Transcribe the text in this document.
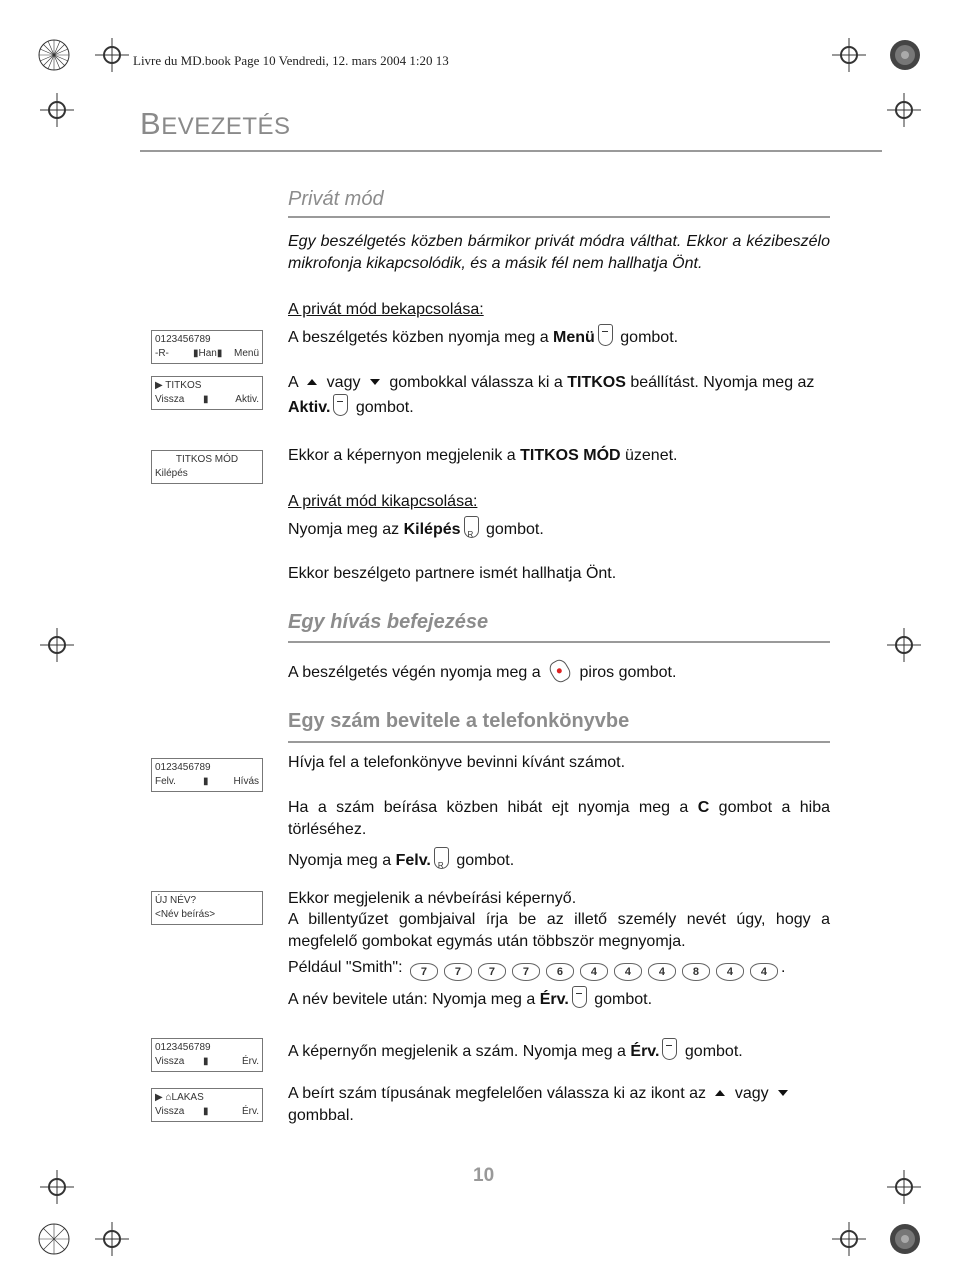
Livre du MD.book Page 10 Vendredi, 12. mars 2004 1:20 13
BEVEZETÉS
Privát mód
Egy beszélgetés közben bármikor privát módra válthat. Ekkor a kézibeszélo mikrofonja kikapcsolódik, és a másik fél nem hallhatja Önt.
A privát mód bekapcsolása:
A beszélgetés közben nyomja meg a Menü gombot.
A  vagy  gombokkal válassza ki a TITKOS beállítást. Nyomja meg az
Aktiv. gombot.
Ekkor a képernyon megjelenik a TITKOS MÓD üzenet.
A privát mód kikapcsolása:
Nyomja meg az KilépésR gombot.
Ekkor beszélgeto partnere ismét hallhatja Önt.
Egy hívás befejezése
A beszélgetés végén nyomja meg a  piros gombot.
Egy szám bevitele a telefonkönyvbe
Hívja fel a telefonkönyve bevinni kívánt számot.
Ha a szám beírása közben hibát ejt nyomja meg a C gombot a hiba törléséhez.
Nyomja meg a Felv.R gombot.
Ekkor megjelenik a névbeírási képernyő.
A billentyűzet gombjaival írja be az illető személy nevét úgy, hogy a megfelelő gombokat egymás után többször megnyomja.
Például "Smith": 7	7	7	7	6	4	4	4	8	4	4 .
A név bevitele után: Nyomja meg a Érv. gombot.
A képernyőn megjelenik a szám. Nyomja meg a Érv. gombot.
A beírt szám típusának megfelelően válassza ki az ikont az  vagy
gombbal.
0123456789
-R- ▮Han▮ Menü
▶ TITKOS
Vissza ▮	Aktiv.
TITKOS MÓD
Kilépés
0123456789
Felv.	▮ Hívás
ÚJ NÉV?
<Név beírás>
0123456789
Vissza ▮	Érv.
▶ ⌂LAKAS
Vissza ▮	Érv.
10
